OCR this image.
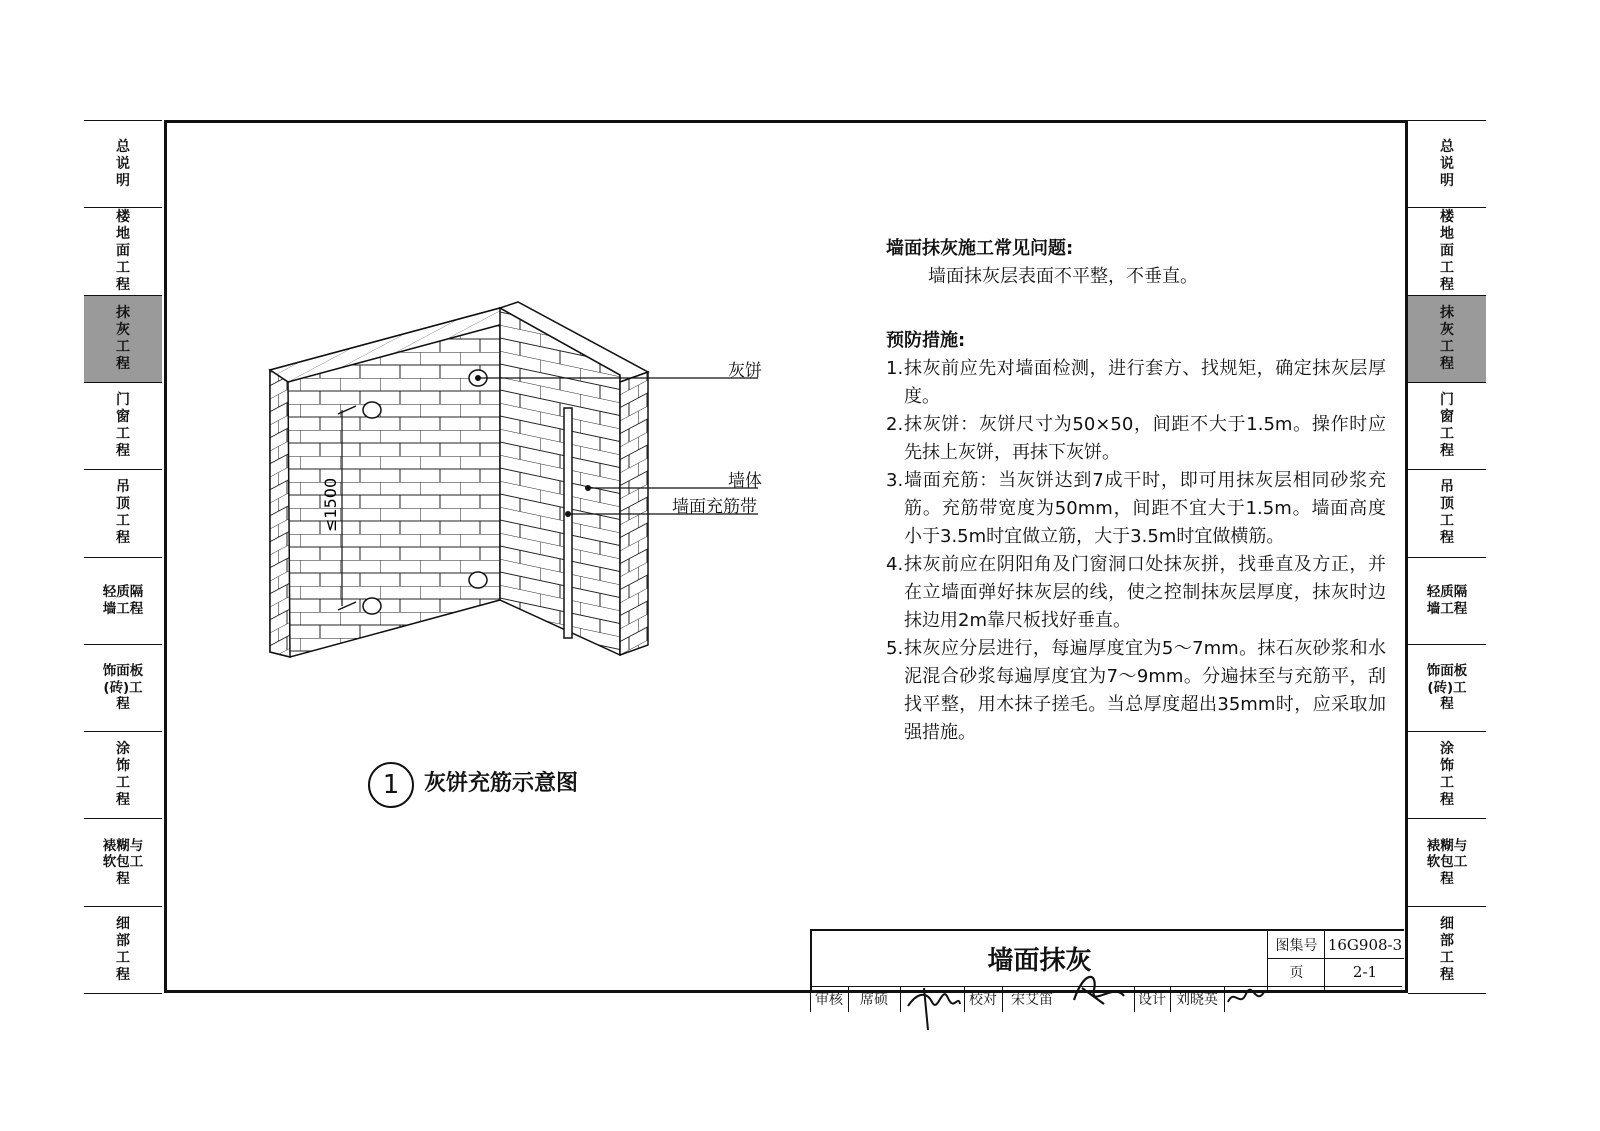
总说明
楼地面工程
抹灰工程
门窗工程
吊顶工程
轻质隔墙工程
饰面板(砖)工程
涂饰工程
裱糊与软包工程
细部工程
总说明
楼地面工程
抹灰工程
门窗工程
吊顶工程
轻质隔墙工程
饰面板(砖)工程
涂饰工程
裱糊与软包工程
细部工程
≤1500
灰饼
墙体
墙面充筋带
1 灰饼充筋示意图
墙面抹灰施工常见问题:
墙面抹灰层表面不平整，不垂直。
预防措施:
1. 抹灰前应先对墙面检测，进行套方、找规矩，确定抹灰层厚度。
2. 抹灰饼：灰饼尺寸为50×50，间距不大于1.5m。操作时应先抹上灰饼，再抹下灰饼。
3. 墙面充筋：当灰饼达到7成干时，即可用抹灰层相同砂浆充筋。充筋带宽度为50mm，间距不宜大于1.5m。墙面高度小于3.5m时宜做立筋，大于3.5m时宜做横筋。
4. 抹灰前应在阴阳角及门窗洞口处抹灰拼，找垂直及方正，并在立墙面弹好抹灰层的线，使之控制抹灰层厚度，抹灰时边抹边用2m靠尺板找好垂直。
5. 抹灰应分层进行，每遍厚度宜为5～7mm。抹石灰砂浆和水泥混合砂浆每遍厚度宜为7～9mm。分遍抹至与充筋平，刮找平整，用木抹子搓毛。当总厚度超出35mm时，应采取加强措施。
墙面抹灰
图集号 16G908-3
页	2-1
审核	席硕	校对	宋艾笛	设计 刘晓英
